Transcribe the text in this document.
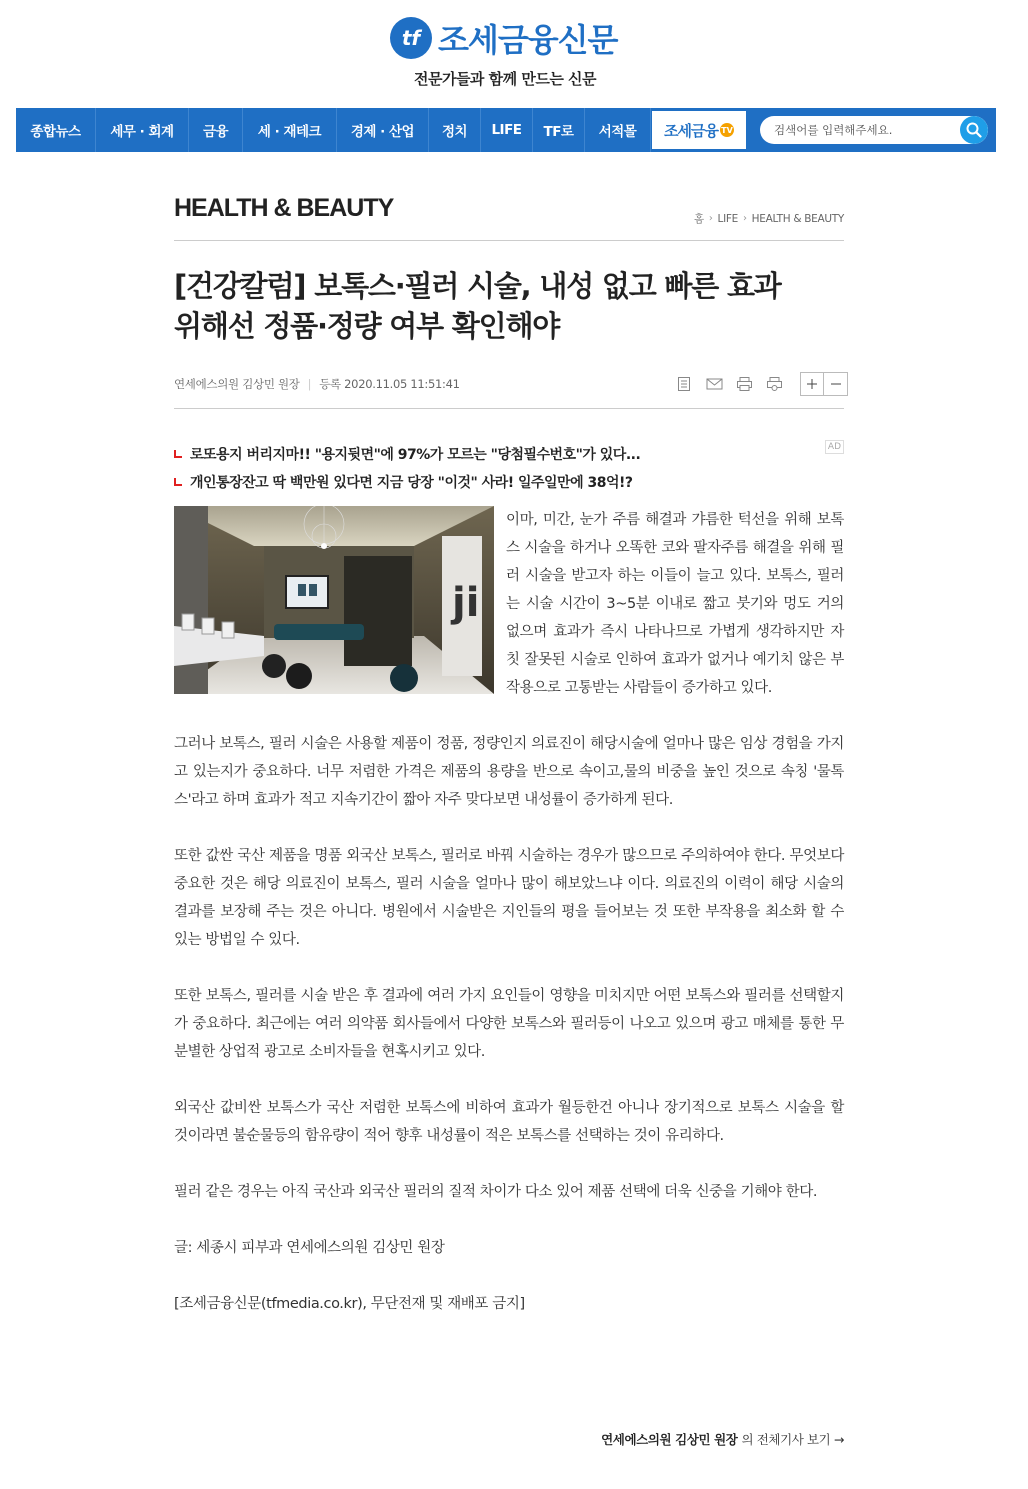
tf 조세금융신문
전문가들과 함께 만드는 신문
종합뉴스	세무 · 회계	금융	세 · 재테크	경제 · 산업	정치	LIFE	TF로	서적몰	조세금융 TV
검색어를 입력해주세요.
HEALTH & BEAUTY	홈 › LIFE › HEALTH & BEAUTY
[건강칼럼] 보톡스·필러 시술, 내성 없고 빠른 효과
위해선 정품·정량 여부 확인해야
연세에스의원 김상민 원장 | 등록 2020.11.05 11:51:41
AD
로또용지 버리지마!! "용지뒷면"에 97%가 모르는 "당첨필수번호"가 있다...
개인통장잔고 딱 백만원 있다면 지금 당장 "이것" 사라! 일주일만에 38억!?
ji

이마, 미간, 눈가 주름 해결과 갸름한 턱선을 위해 보톡스 시술을 하거나 오똑한 코와 팔자주름 해결을 위해 필러 시술을 받고자 하는 이들이 늘고 있다. 보톡스, 필러는 시술 시간이 3~5분 이내로 짧고 붓기와 멍도 거의 없으며 효과가 즉시 나타나므로 가볍게 생각하지만 자칫 잘못된 시술로 인하여 효과가 없거나 예기치 않은 부작용으로 고통받는 사람들이 증가하고 있다.

그러나 보톡스, 필러 시술은 사용할 제품이 정품, 정량인지 의료진이 해당시술에 얼마나 많은 임상 경험을 가지고 있는지가 중요하다. 너무 저렴한 가격은 제품의 용량을 반으로 속이고,물의 비중을 높인 것으로 속칭 '물톡스'라고 하며 효과가 적고 지속기간이 짧아 자주 맞다보면 내성률이 증가하게 된다.

또한 값싼 국산 제품을 명품 외국산 보톡스, 필러로 바꿔 시술하는 경우가 많으므로 주의하여야 한다. 무엇보다 중요한 것은 해당 의료진이 보톡스, 필러 시술을 얼마나 많이 해보았느냐 이다. 의료진의 이력이 해당 시술의 결과를 보장해 주는 것은 아니다. 병원에서 시술받은 지인들의 평을 들어보는 것 또한 부작용을 최소화 할 수 있는 방법일 수 있다.

또한 보톡스, 필러를 시술 받은 후 결과에 여러 가지 요인들이 영향을 미치지만 어떤 보톡스와 필러를 선택할지가 중요하다. 최근에는 여러 의약품 회사들에서 다양한 보톡스와 필러등이 나오고 있으며 광고 매체를 통한 무분별한 상업적 광고로 소비자들을 현혹시키고 있다.

외국산 값비싼 보톡스가 국산 저렴한 보톡스에 비하여 효과가 월등한건 아니나 장기적으로 보톡스 시술을 할 것이라면 불순물등의 함유량이 적어 향후 내성률이 적은 보톡스를 선택하는 것이 유리하다.

필러 같은 경우는 아직 국산과 외국산 필러의 질적 차이가 다소 있어 제품 선택에 더욱 신중을 기해야 한다.

글: 세종시 피부과 연세에스의원 김상민 원장

[조세금융신문(tfmedia.co.kr), 무단전재 및 재배포 금지]

연세에스의원 김상민 원장 의 전체기사 보기 →
